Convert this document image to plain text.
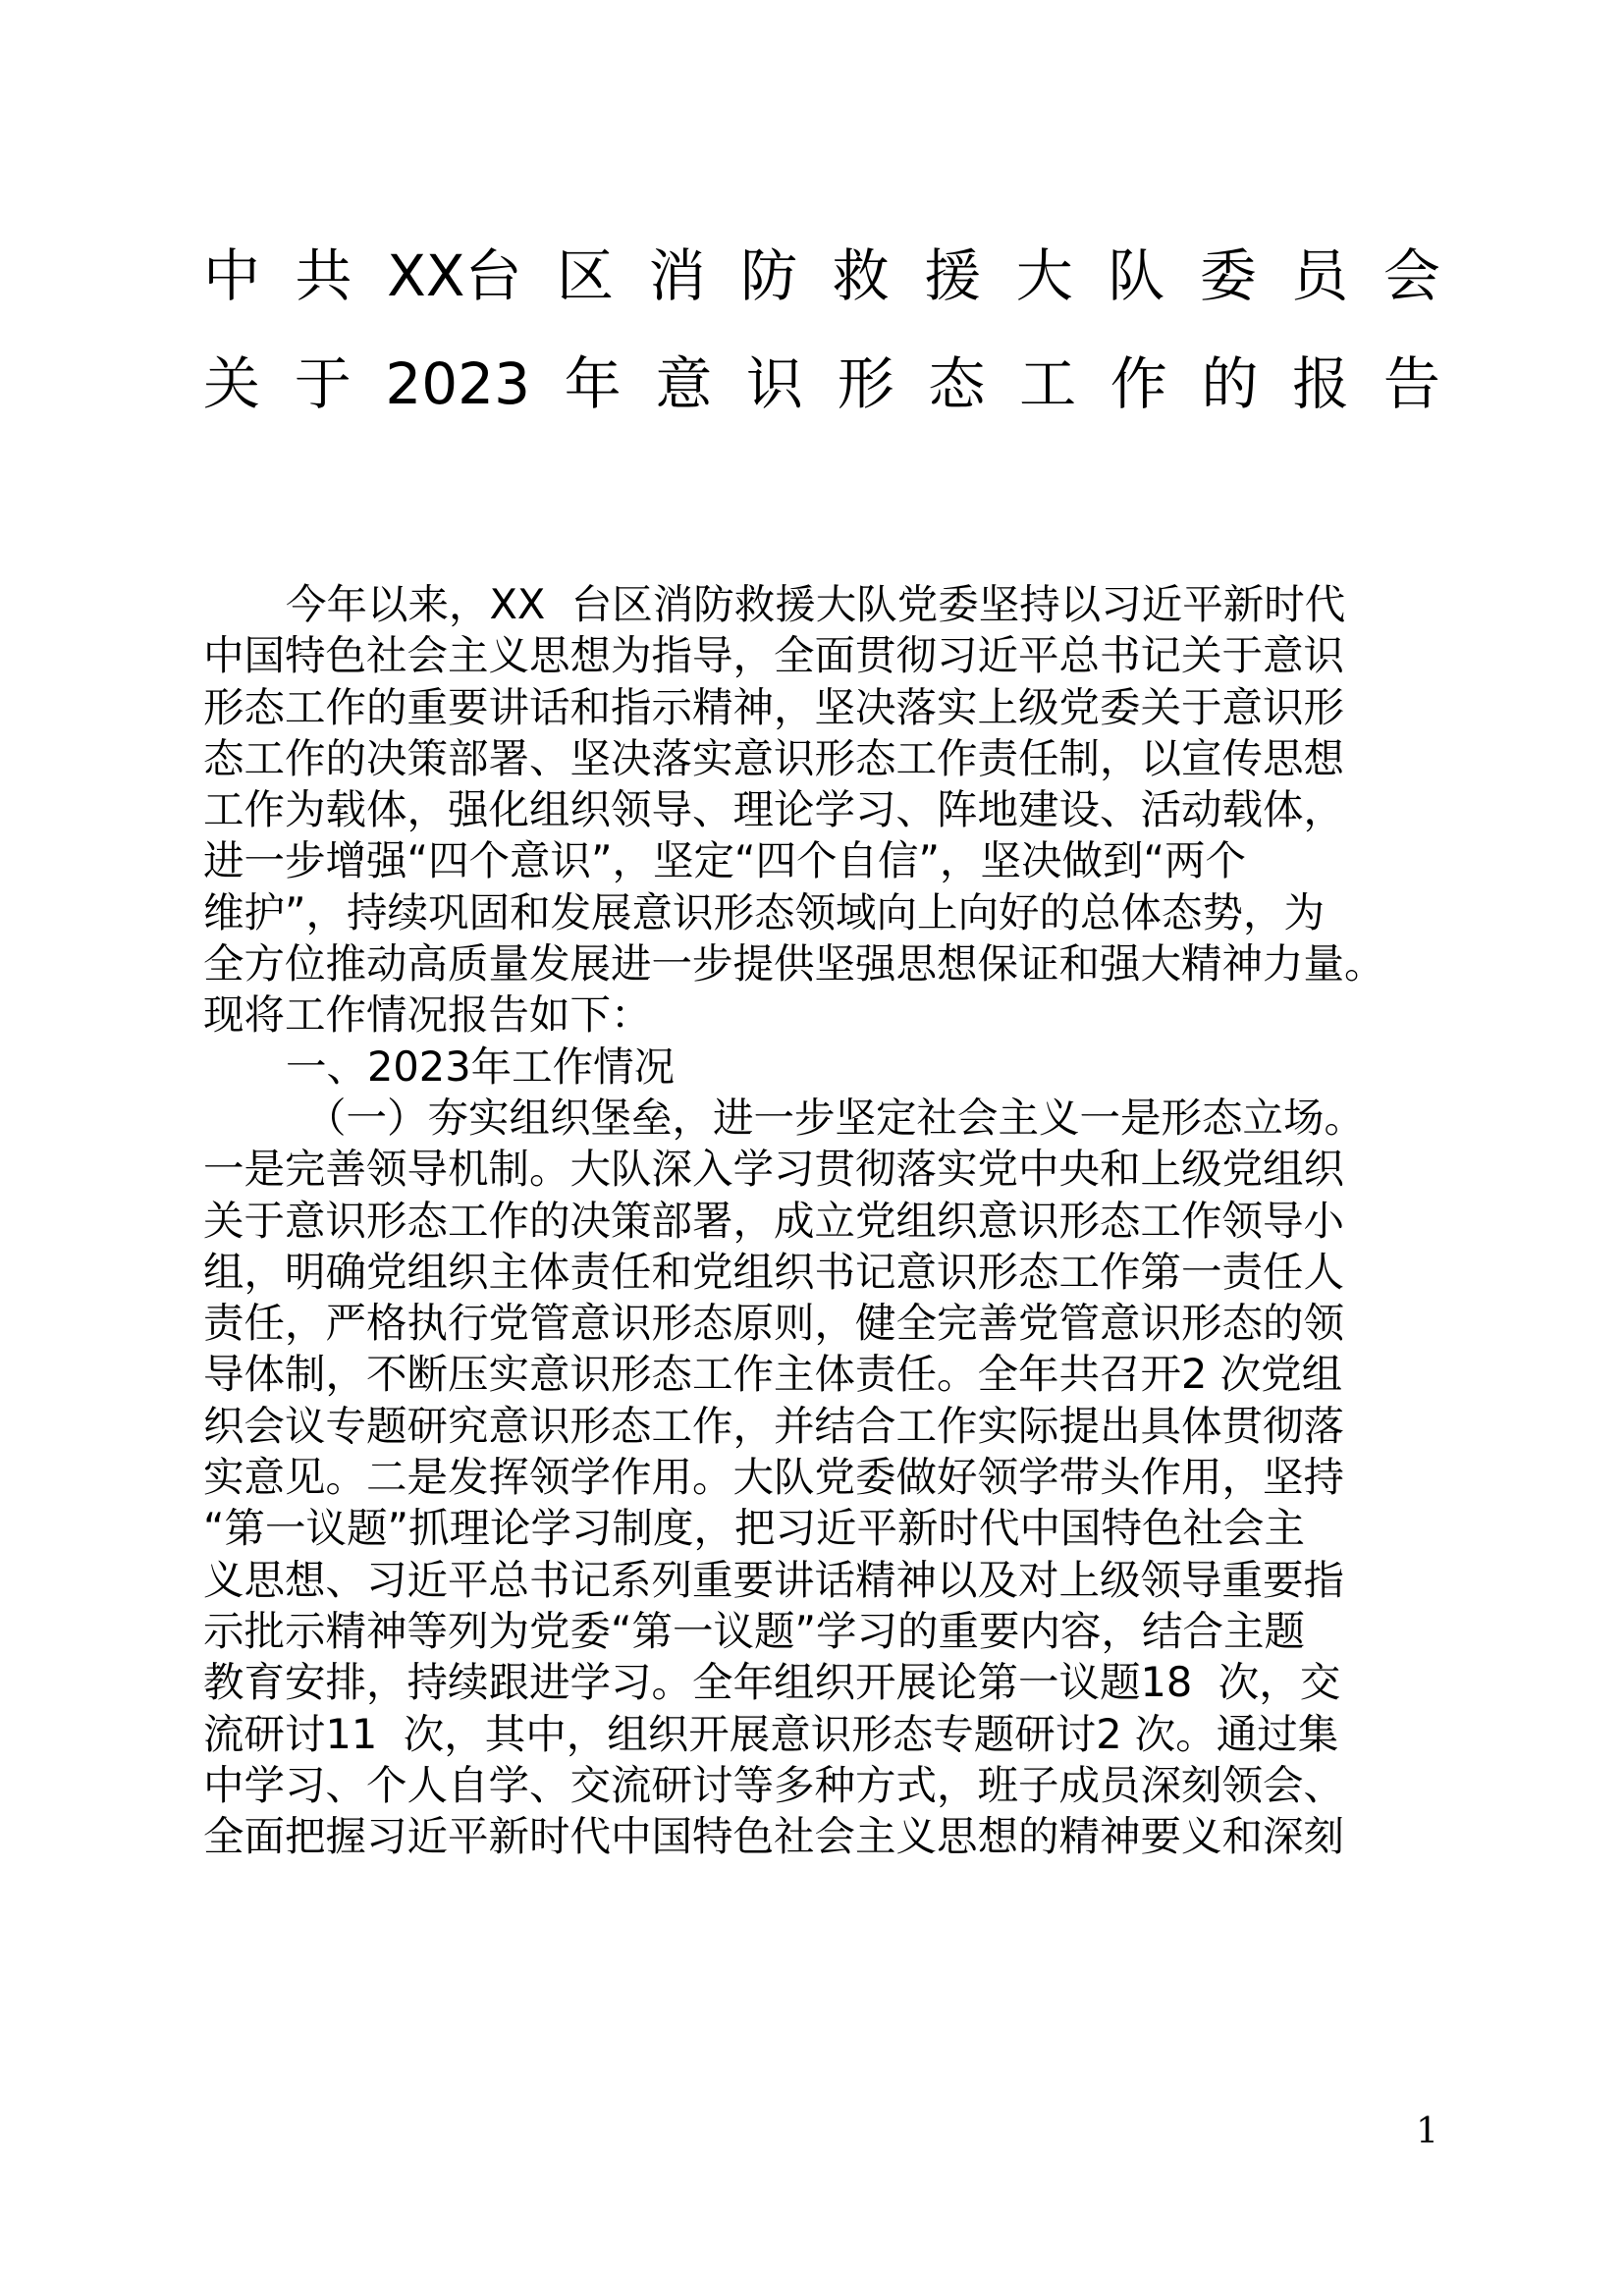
中 共 XX台 区 消 防 救 援 大 队 委 员 会
关 于 2023 年 意 识 形 态 工 作 的 报 告
今年以来，XX  台区消防救援大队党委坚持以习近平新时代
中国特色社会主义思想为指导，全面贯彻习近平总书记关于意识
形态工作的重要讲话和指示精神，坚决落实上级党委关于意识形
态工作的决策部署、坚决落实意识形态工作责任制，以宣传思想
工作为载体，强化组织领导、理论学习、阵地建设、活动载体，
进一步增强“四个意识”，坚定“四个自信”，坚决做到“两个
维护”，持续巩固和发展意识形态领域向上向好的总体态势，为
全方位推动高质量发展进一步提供坚强思想保证和强大精神力量。
现将工作情况报告如下：
一、2023年工作情况
（一）夯实组织堡垒，进一步坚定社会主义一是形态立场。
一是完善领导机制。大队深入学习贯彻落实党中央和上级党组织
关于意识形态工作的决策部署，成立党组织意识形态工作领导小
组，明确党组织主体责任和党组织书记意识形态工作第一责任人
责任，严格执行党管意识形态原则，健全完善党管意识形态的领
导体制，不断压实意识形态工作主体责任。全年共召开2 次党组
织会议专题研究意识形态工作，并结合工作实际提出具体贯彻落
实意见。二是发挥领学作用。大队党委做好领学带头作用，坚持
“第一议题”抓理论学习制度，把习近平新时代中国特色社会主
义思想、习近平总书记系列重要讲话精神以及对上级领导重要指
示批示精神等列为党委“第一议题”学习的重要内容，结合主题
教育安排，持续跟进学习。全年组织开展论第一议题18  次，交
流研讨11  次，其中，组织开展意识形态专题研讨2 次。通过集
中学习、个人自学、交流研讨等多种方式，班子成员深刻领会、
全面把握习近平新时代中国特色社会主义思想的精神要义和深刻
1
